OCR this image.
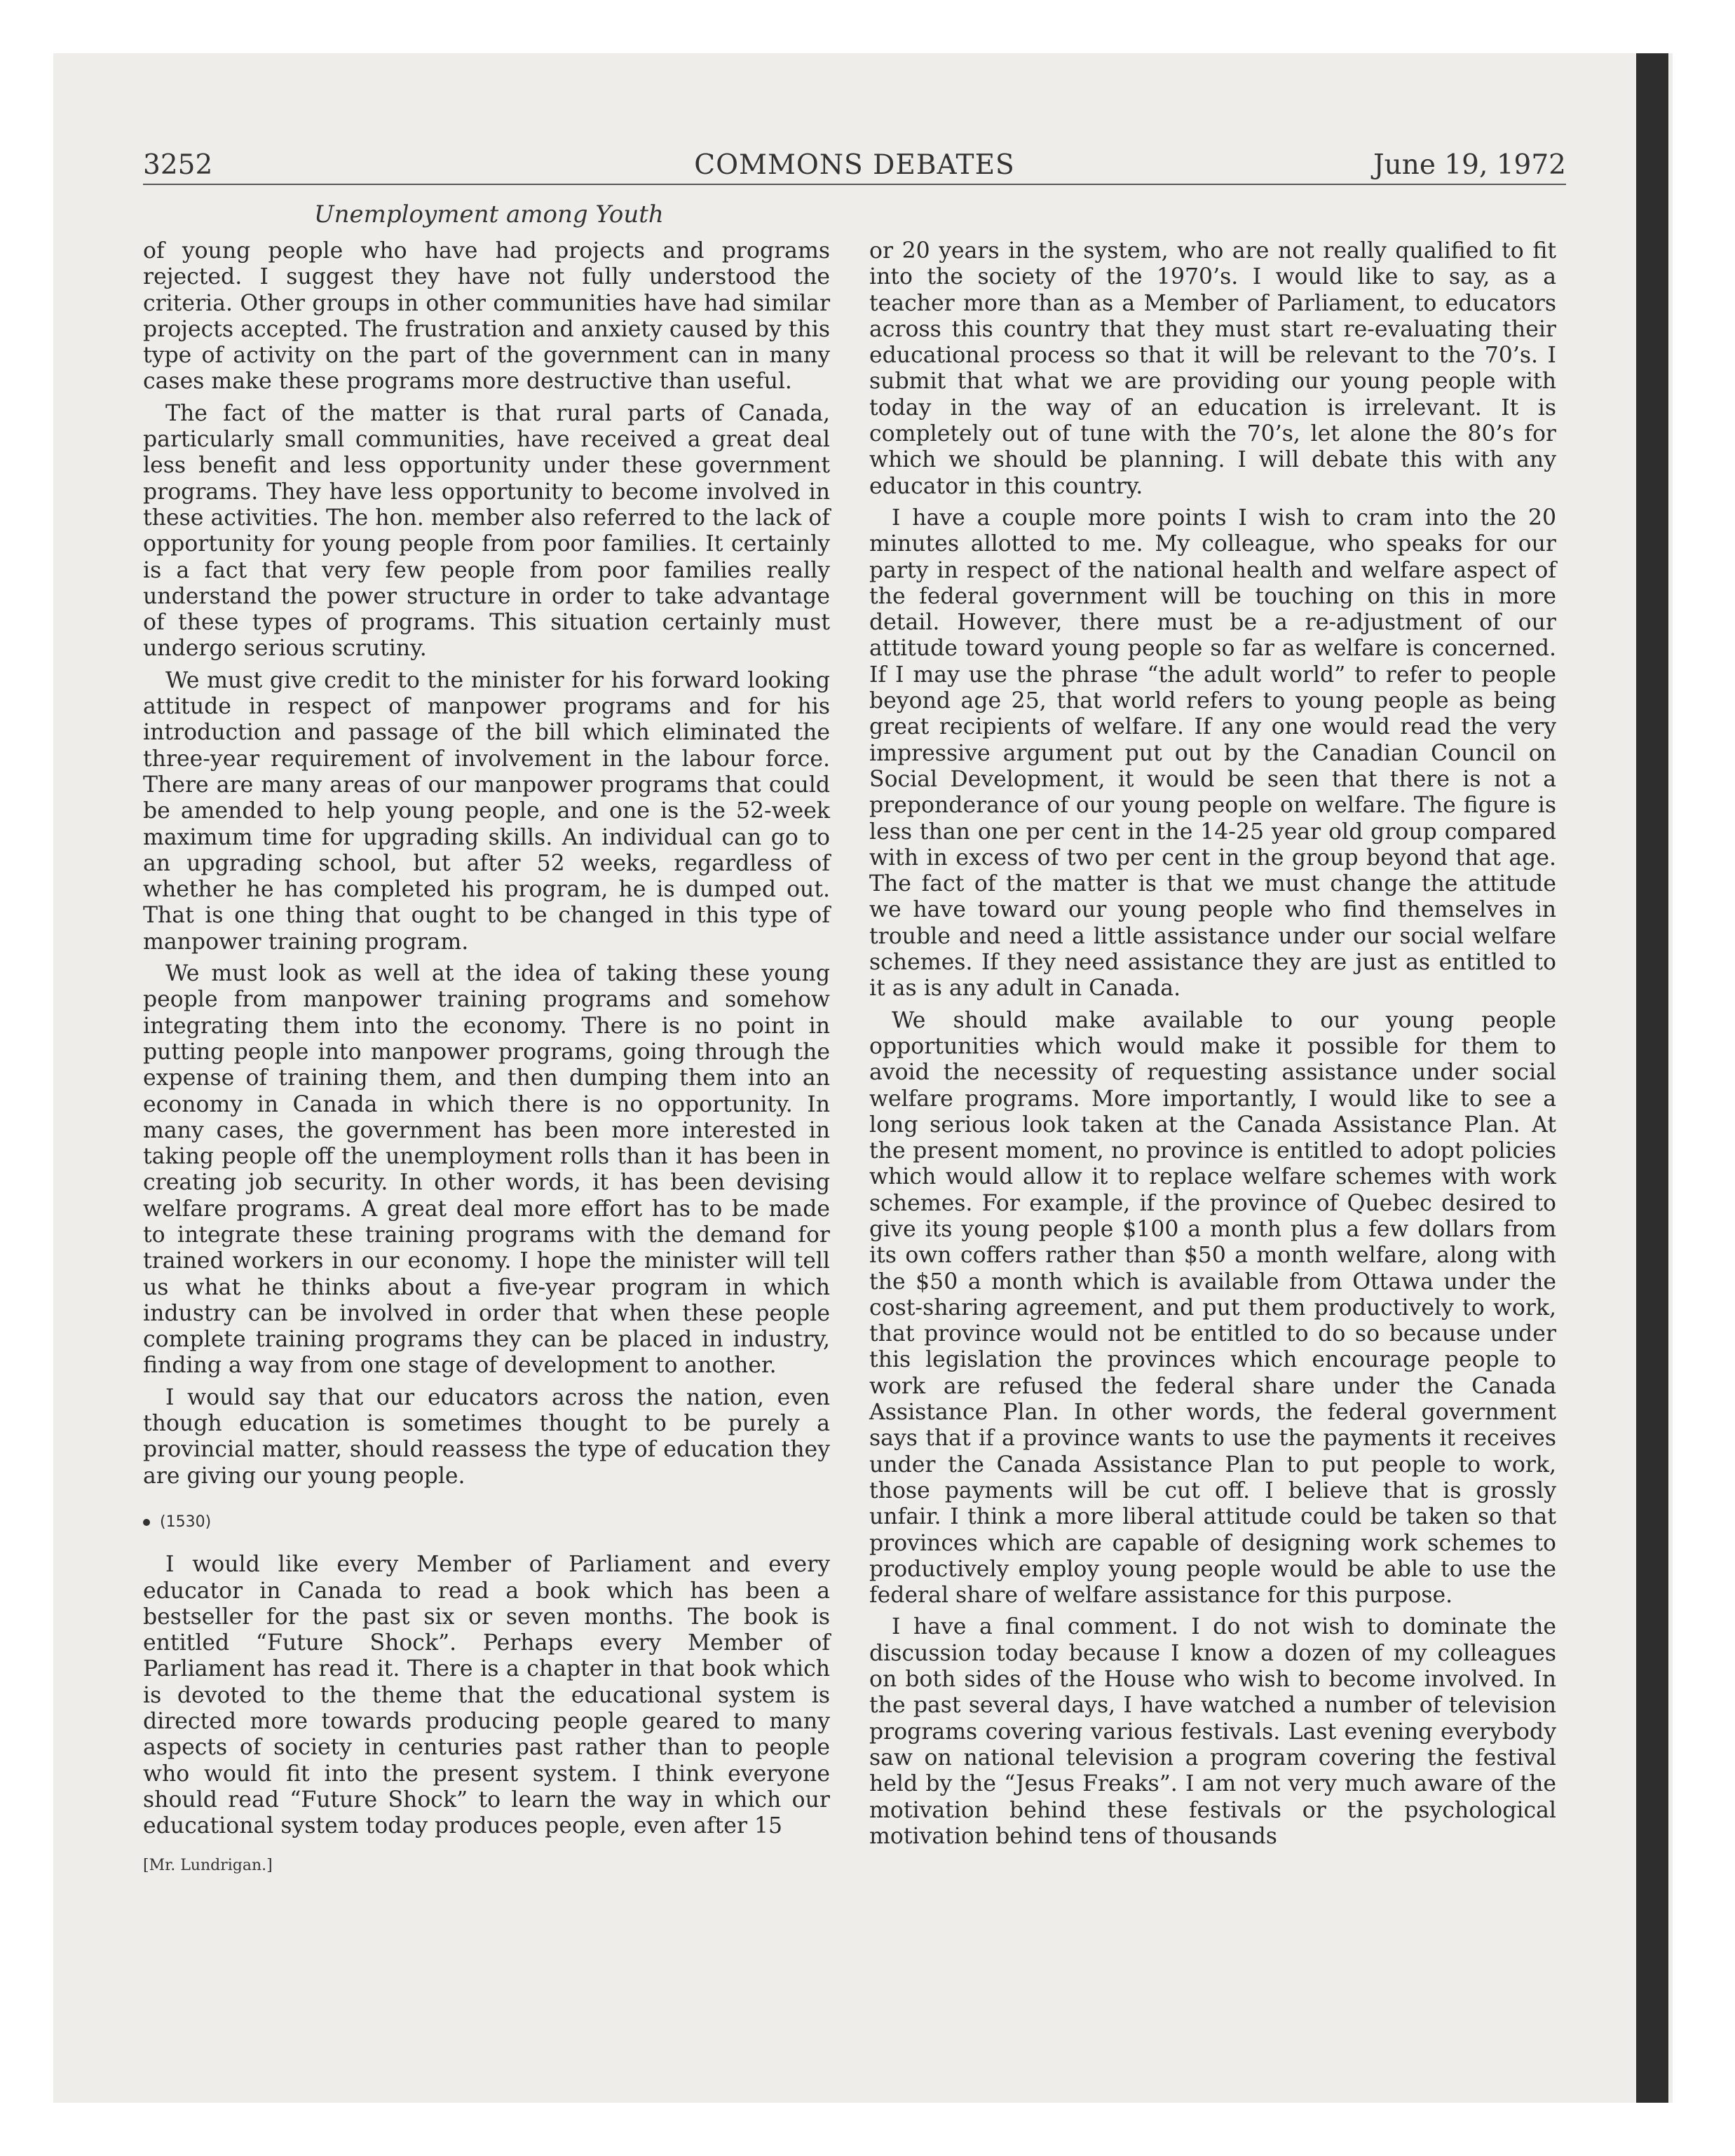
3252	COMMONS DEBATES	June 19, 1972
Unemployment among Youth

of young people who have had projects and programs rejected. I suggest they have not fully understood the criteria. Other groups in other communities have had similar projects accepted. The frustration and anxiety caused by this type of activity on the part of the government can in many cases make these programs more destructive than useful.

The fact of the matter is that rural parts of Canada, particularly small communities, have received a great deal less benefit and less opportunity under these government programs. They have less opportunity to become involved in these activities. The hon. member also referred to the lack of opportunity for young people from poor families. It certainly is a fact that very few people from poor families really understand the power structure in order to take advantage of these types of programs. This situation certainly must undergo serious scrutiny.

We must give credit to the minister for his forward looking attitude in respect of manpower programs and for his introduction and passage of the bill which eliminated the three-year requirement of involvement in the labour force. There are many areas of our manpower programs that could be amended to help young people, and one is the 52-week maximum time for upgrading skills. An individual can go to an upgrading school, but after 52 weeks, regardless of whether he has completed his program, he is dumped out. That is one thing that ought to be changed in this type of manpower training program.

We must look as well at the idea of taking these young people from manpower training programs and somehow integrating them into the economy. There is no point in putting people into manpower programs, going through the expense of training them, and then dumping them into an economy in Canada in which there is no opportunity. In many cases, the government has been more interested in taking people off the unemployment rolls than it has been in creating job security. In other words, it has been devising welfare programs. A great deal more effort has to be made to integrate these training programs with the demand for trained workers in our economy. I hope the minister will tell us what he thinks about a five-year program in which industry can be involved in order that when these people complete training programs they can be placed in industry, finding a way from one stage of development to another.

I would say that our educators across the nation, even though education is sometimes thought to be purely a provincial matter, should reassess the type of education they are giving our young people.

(1530)

I would like every Member of Parliament and every educator in Canada to read a book which has been a bestseller for the past six or seven months. The book is entitled “Future Shock”. Perhaps every Member of Parliament has read it. There is a chapter in that book which is devoted to the theme that the educational system is directed more towards producing people geared to many aspects of society in centuries past rather than to people who would fit into the present system. I think everyone should read “Future Shock” to learn the way in which our educational system today produces people, even after 15

[Mr. Lundrigan.]

or 20 years in the system, who are not really qualified to fit into the society of the 1970’s. I would like to say, as a teacher more than as a Member of Parliament, to educators across this country that they must start re-evaluating their educational process so that it will be relevant to the 70’s. I submit that what we are providing our young people with today in the way of an education is irrelevant. It is completely out of tune with the 70’s, let alone the 80’s for which we should be planning. I will debate this with any educator in this country.

I have a couple more points I wish to cram into the 20 minutes allotted to me. My colleague, who speaks for our party in respect of the national health and welfare aspect of the federal government will be touching on this in more detail. However, there must be a re-adjustment of our attitude toward young people so far as welfare is concerned. If I may use the phrase “the adult world” to refer to people beyond age 25, that world refers to young people as being great recipients of welfare. If any one would read the very impressive argument put out by the Canadian Council on Social Development, it would be seen that there is not a preponderance of our young people on welfare. The figure is less than one per cent in the 14-25 year old group compared with in excess of two per cent in the group beyond that age. The fact of the matter is that we must change the attitude we have toward our young people who find themselves in trouble and need a little assistance under our social welfare schemes. If they need assistance they are just as entitled to it as is any adult in Canada.

We should make available to our young people opportunities which would make it possible for them to avoid the necessity of requesting assistance under social welfare programs. More importantly, I would like to see a long serious look taken at the Canada Assistance Plan. At the present moment, no province is entitled to adopt policies which would allow it to replace welfare schemes with work schemes. For example, if the province of Quebec desired to give its young people $100 a month plus a few dollars from its own coffers rather than $50 a month welfare, along with the $50 a month which is available from Ottawa under the cost-sharing agreement, and put them productively to work, that province would not be entitled to do so because under this legislation the provinces which encourage people to work are refused the federal share under the Canada Assistance Plan. In other words, the federal government says that if a province wants to use the payments it receives under the Canada Assistance Plan to put people to work, those payments will be cut off. I believe that is grossly unfair. I think a more liberal attitude could be taken so that provinces which are capable of designing work schemes to productively employ young people would be able to use the federal share of welfare assistance for this purpose.

I have a final comment. I do not wish to dominate the discussion today because I know a dozen of my colleagues on both sides of the House who wish to become involved. In the past several days, I have watched a number of television programs covering various festivals. Last evening everybody saw on national television a program covering the festival held by the “Jesus Freaks”. I am not very much aware of the motivation behind these festivals or the psychological motivation behind tens of thousands
